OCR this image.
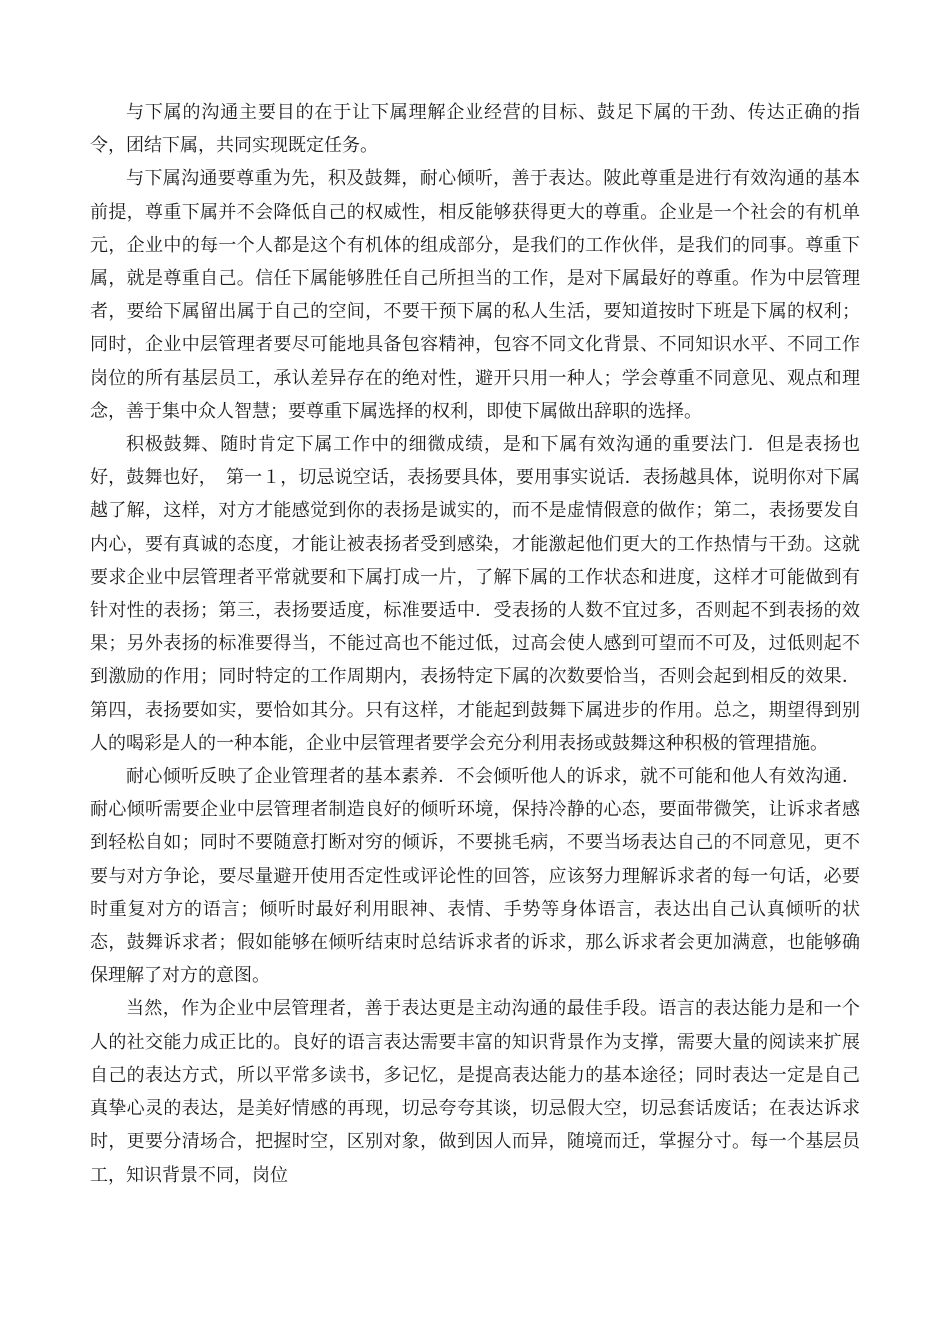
与下属的沟通主要目的在于让下属理解企业经营的目标、鼓足下属的干劲、传达正确的指令，团结下属，共同实现既定任务。

与下属沟通要尊重为先，积及鼓舞，耐心倾听，善于表达。陂此尊重是进行有效沟通的基本前提，尊重下属并不会降低自己的权威性，相反能够获得更大的尊重。企业是一个社会的有机单元，企业中的每一个人都是这个有机体的组成部分，是我们的工作伙伴，是我们的同事。尊重下属，就是尊重自己。信任下属能够胜任自己所担当的工作，是对下属最好的尊重。作为中层管理者，要给下属留出属于自己的空间，不要干预下属的私人生活，要知道按时下班是下属的权利；同时，企业中层管理者要尽可能地具备包容精神，包容不同文化背景、不同知识水平、不同工作岗位的所有基层员工，承认差异存在的绝对性，避开只用一种人；学会尊重不同意见、观点和理念，善于集中众人智慧；要尊重下属选择的权利，即使下属做出辞职的选择。

积极鼓舞、随时肯定下属工作中的细微成绩，是和下属有效沟通的重要法门．但是表扬也好，鼓舞也好，　第一１，切忌说空话，表扬要具体，要用事实说话．表扬越具体，说明你对下属越了解，这样，对方才能感觉到你的表扬是诚实的，而不是虚情假意的做作；第二，表扬要发自内心，要有真诚的态度，才能让被表扬者受到感染，才能激起他们更大的工作热情与干劲。这就要求企业中层管理者平常就要和下属打成一片，了解下属的工作状态和进度，这样才可能做到有针对性的表扬；第三，表扬要适度，标准要适中．受表扬的人数不宜过多，否则起不到表扬的效果；另外表扬的标准要得当，不能过高也不能过低，过高会使人感到可望而不可及，过低则起不到激励的作用；同时特定的工作周期内，表扬特定下属的次数要恰当，否则会起到相反的效果．第四，表扬要如实，要恰如其分。只有这样，才能起到鼓舞下属进步的作用。总之，期望得到别人的喝彩是人的一种本能，企业中层管理者要学会充分利用表扬或鼓舞这种积极的管理措施。

耐心倾听反映了企业管理者的基本素养．不会倾听他人的诉求，就不可能和他人有效沟通．耐心倾听需要企业中层管理者制造良好的倾听环境，保持冷静的心态，要面带微笑，让诉求者感到轻松自如；同时不要随意打断对穷的倾诉，不要挑毛病，不要当场表达自己的不同意见，更不要与对方争论，要尽量避开使用否定性或评论性的回答，应该努力理解诉求者的每一句话，必要时重复对方的语言；倾听时最好利用眼神、表情、手势等身体语言，表达出自己认真倾听的状态，鼓舞诉求者；假如能够在倾听结束时总结诉求者的诉求，那么诉求者会更加满意，也能够确保理解了对方的意图。

当然，作为企业中层管理者，善于表达更是主动沟通的最佳手段。语言的表达能力是和一个人的社交能力成正比的。良好的语言表达需要丰富的知识背景作为支撑，需要大量的阅读来扩展自己的表达方式，所以平常多读书，多记忆，是提高表达能力的基本途径；同时表达一定是自己真挚心灵的表达，是美好情感的再现，切忌夸夸其谈，切忌假大空，切忌套话废话；在表达诉求时，更要分清场合，把握时空，区别对象，做到因人而异，随境而迁，掌握分寸。每一个基层员工，知识背景不同，岗位
